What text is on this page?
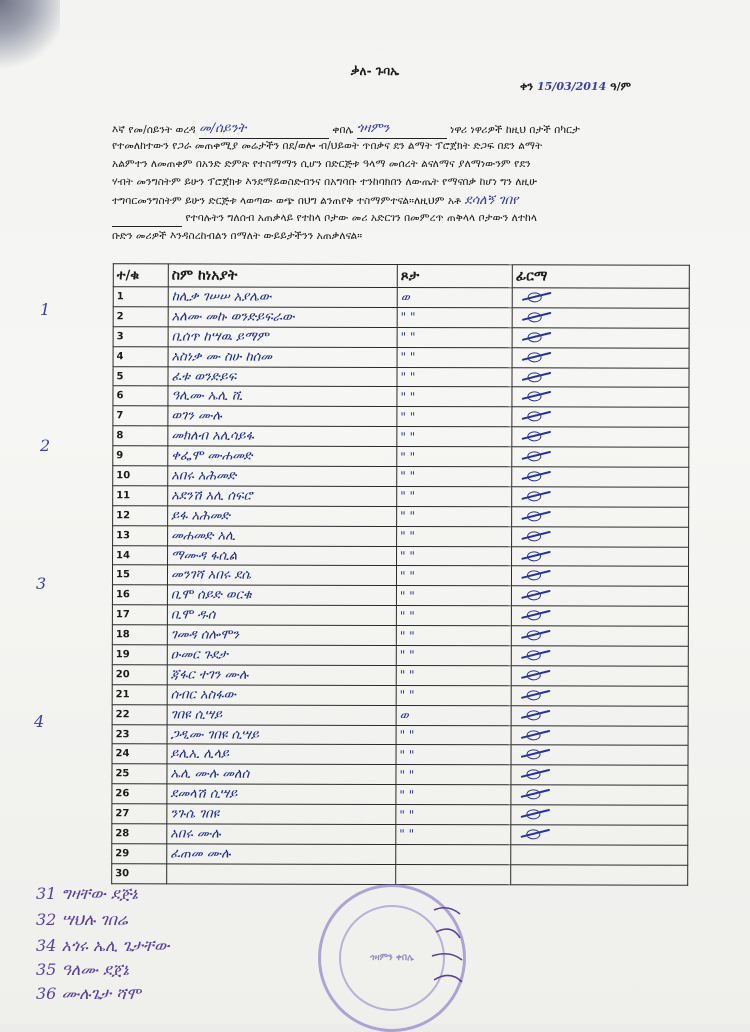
ቃለ- ጉባኤ
ቀን 15/03/2014 ዓ/ም
እኛ የመ/ሰይንት ወረዳ መ/ሰይንት	ቀበሌ ጎዛምን	ነዋሪ ነዋሪዎች ከዚህ በታች በካርታ
የተመለከተውን የጋራ መጠቀሚያ መሬታችን በደ/ወሎ ብ/ህይወት ጥበቃና ደን ልማት ፕሮጀክት ድጋፍ በደን ልማት
አልምተን ለመጠቀም በአንድ ድምጽ የተስማማን ሲሆን በድርጅቱ ዓላማ መሰረት ልናለማና ያለማነውንም የደን
ሃብት መንግስትም ይሁን ፕሮጀክቱ እንደማይወስድብንና በአግባቡ ተንከባክበን ለውጤት የማናበቃ ከሆነ ግን ለዚሁ
ተግባርመንግስትም ይሁን ድርጅቱ ላወጣው ወጭ በህግ ልንጠየቅ ተስማምተናል።ለዚህም አቶ ደሳለኝ ገበየ
የተባሉትን ግለሰብ አጠቃላይ የተከላ ቦታው መሪ አድርገን በመምረጥ ጠቅላላ ቦታውን ለተከላ
ቡድን መሪዎች እንዳስረከብልን በማለት ውይይታችንን አጠቃለናል።
ተ/ቁ	ስም ከነአያት	ጾታ	ፊርማ
1	ከሊቃ ገሠሠ አያሌው	ወ	
2	አለሙ መኩ ወንድይፍራው	" "	
3	ቢሰጥ ከሣዉ ይማም	" "	
4	አስነቃ ሙ ስሁ ከሰመ	" "	
5	ፈቱ ወንድይፍ	" "	
6	ዓሊሙ ኤሊ ሺ	" "	
7	ወገን ሙሉ	" "	
8	መክለብ አሊሳይፋ	" "	
9	ቀፌሞ ሙሐመድ	" "	
10	አበሩ አሕመድ	" "	
11	አደንሽ አሊ ሰፍሮ	" "	
12	ይፋ አሕመድ	" "	
13	መሐመድ አሊ	" "	
14	ማሙዳ ፋሲል	" "	
15	መንገሻ አበሩ ደሴ	" "	
16	ቢሞ ሰይድ ወርቁ	" "	
17	ቢሞ ዱሰ	" "	
18	ገመዳ ሰሎሞን	" "	
19	ዑመር ጉደታ	" "	
20	ጃፋር ተገን ሙሉ	" "	
21	ሰብር አስፋው	" "	
22	ገበዩ ሲሣይ	ወ	
23	ጋዲሙ ገበዩ ሲሣይ	" "	
24	ይሊኢ ሊላይ	" "	
25	ኤሊ ሙሉ መለሰ	" "	
26	ደመላሽ ሲሣይ	" "	
27	ንጉሴ ገበዩ	" "	
28	አበሩ ሙሉ	" "	
29	ፈጠመ ሙሉ		
30			
1
2
3
4
31 ግዛቸው ደጅኔ
32 ሣህሉ ገበሬ
34 አጎሩ ኤሊ ጌታቸው
35 ዓለሙ ደጀኔ
36 ሙሉጌታ ሻሞ
ጎዛምን ቀበሌ
